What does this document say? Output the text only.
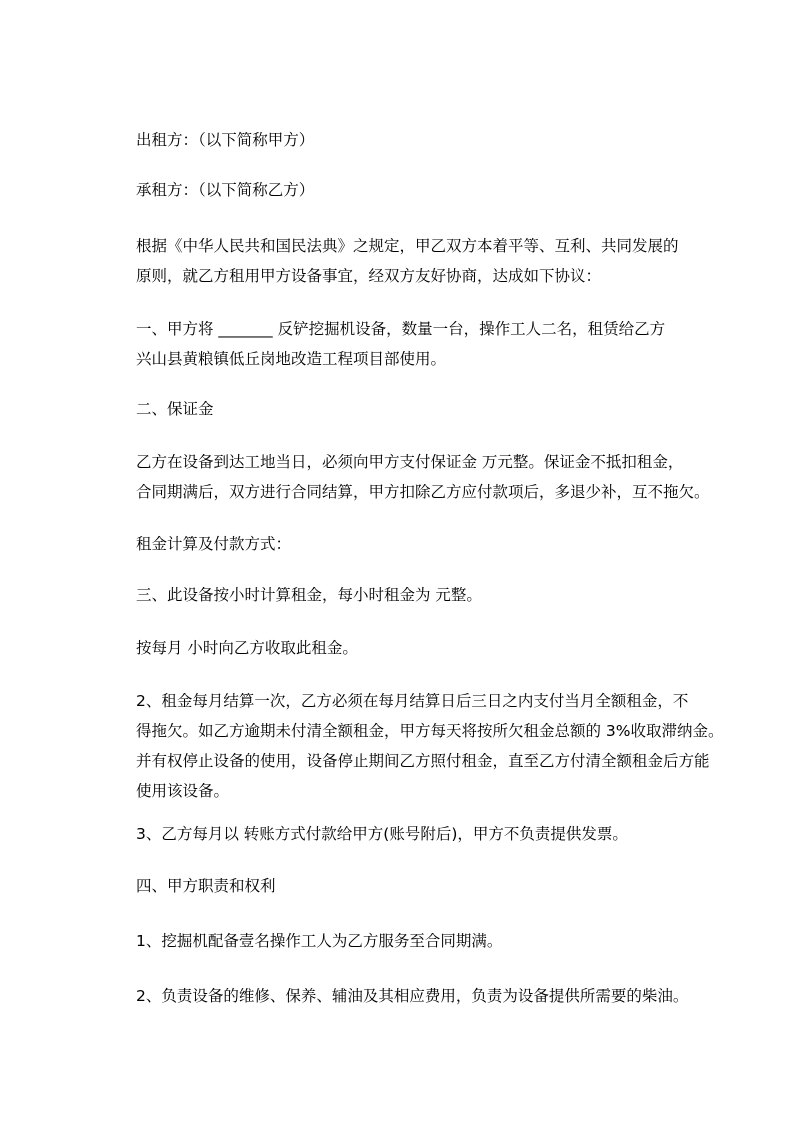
出租方：（以下简称甲方）

承租方：（以下简称乙方）

根据《中华人民共和国民法典》之规定，甲乙双方本着平等、互利、共同发展的
原则，就乙方租用甲方设备事宜，经双方友好协商，达成如下协议：

一、甲方将 _______ 反铲挖掘机设备，数量一台，操作工人二名，租赁给乙方
兴山县黄粮镇低丘岗地改造工程项目部使用。

二、保证金

乙方在设备到达工地当日，必须向甲方支付保证金 万元整。保证金不抵扣租金，
合同期满后，双方进行合同结算，甲方扣除乙方应付款项后，多退少补，互不拖欠。

租金计算及付款方式：

三、此设备按小时计算租金，每小时租金为 元整。

按每月 小时向乙方收取此租金。

2、租金每月结算一次，乙方必须在每月结算日后三日之内支付当月全额租金，不
得拖欠。如乙方逾期未付清全额租金，甲方每天将按所欠租金总额的 3%收取滞纳金。
并有权停止设备的使用，设备停止期间乙方照付租金，直至乙方付清全额租金后方能
使用该设备。

3、乙方每月以 转账方式付款给甲方(账号附后)，甲方不负责提供发票。

四、甲方职责和权利

1、挖掘机配备壹名操作工人为乙方服务至合同期满。

2、负责设备的维修、保养、辅油及其相应费用，负责为设备提供所需要的柴油。
